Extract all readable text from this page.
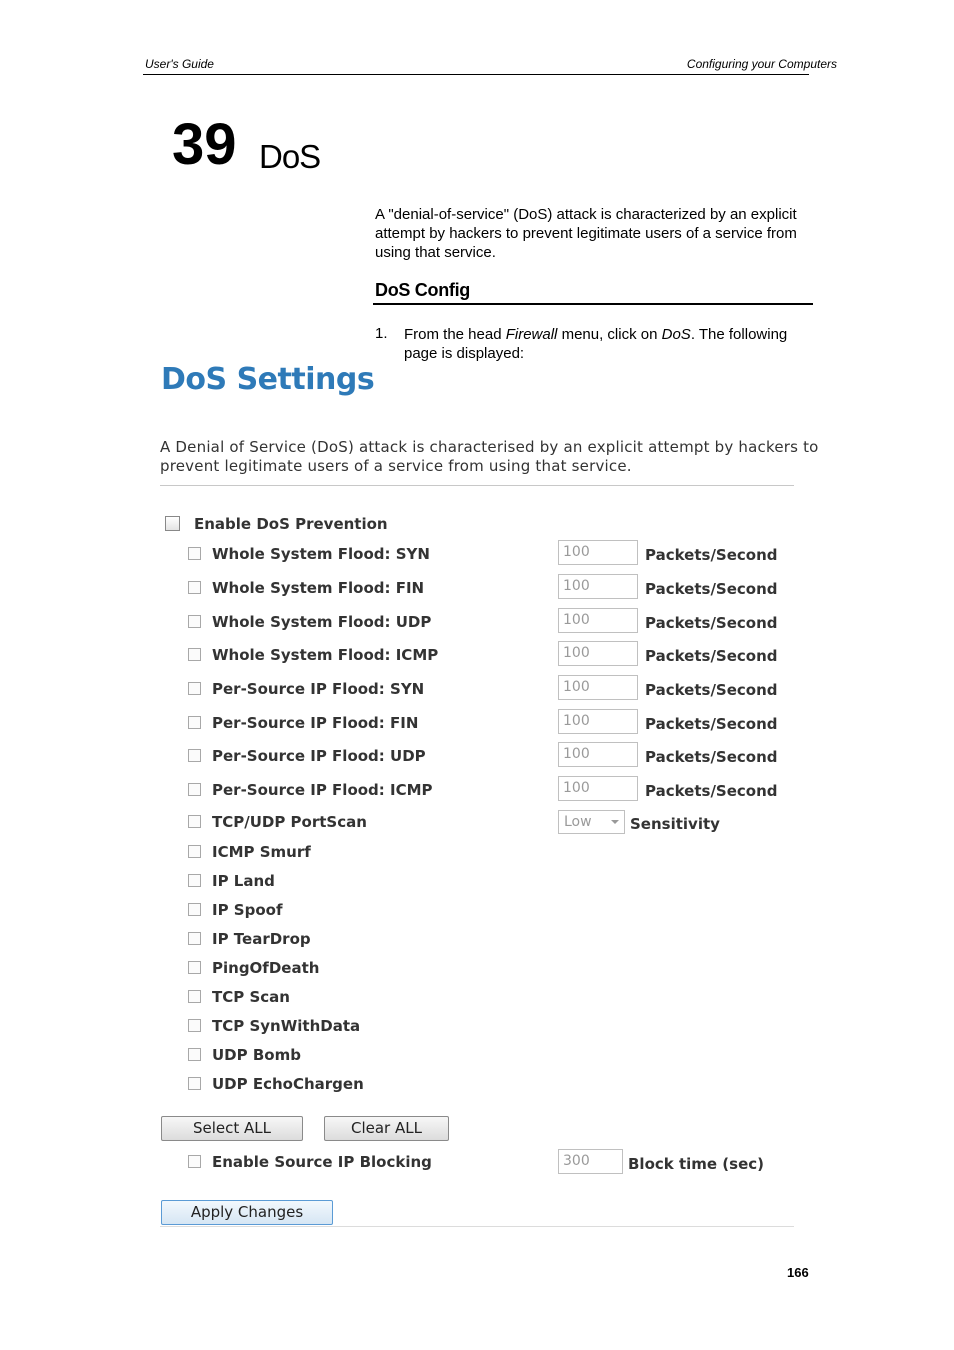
User's Guide	Configuring your Computers
39 DoS
A "denial-of-service" (DoS) attack is characterized by an explicit attempt by hackers to prevent legitimate users of a service from using that service.
DoS Config
1. From the head Firewall menu, click on DoS. The following page is displayed:
DoS Settings
A Denial of Service (DoS) attack is characterised by an explicit attempt by hackers to prevent legitimate users of a service from using that service.
Enable DoS Prevention
Whole System Flood: SYN	100	Packets/Second
Whole System Flood: FIN	100	Packets/Second
Whole System Flood: UDP	100	Packets/Second
Whole System Flood: ICMP	100	Packets/Second
Per-Source IP Flood: SYN	100	Packets/Second
Per-Source IP Flood: FIN	100	Packets/Second
Per-Source IP Flood: UDP	100	Packets/Second
Per-Source IP Flood: ICMP	100	Packets/Second
TCP/UDP PortScan	Low	Sensitivity
ICMP Smurf
IP Land
IP Spoof
IP TearDrop
PingOfDeath
TCP Scan
TCP SynWithData
UDP Bomb
UDP EchoChargen
Select ALL	Clear ALL
Enable Source IP Blocking	300	Block time (sec)
Apply Changes
166
